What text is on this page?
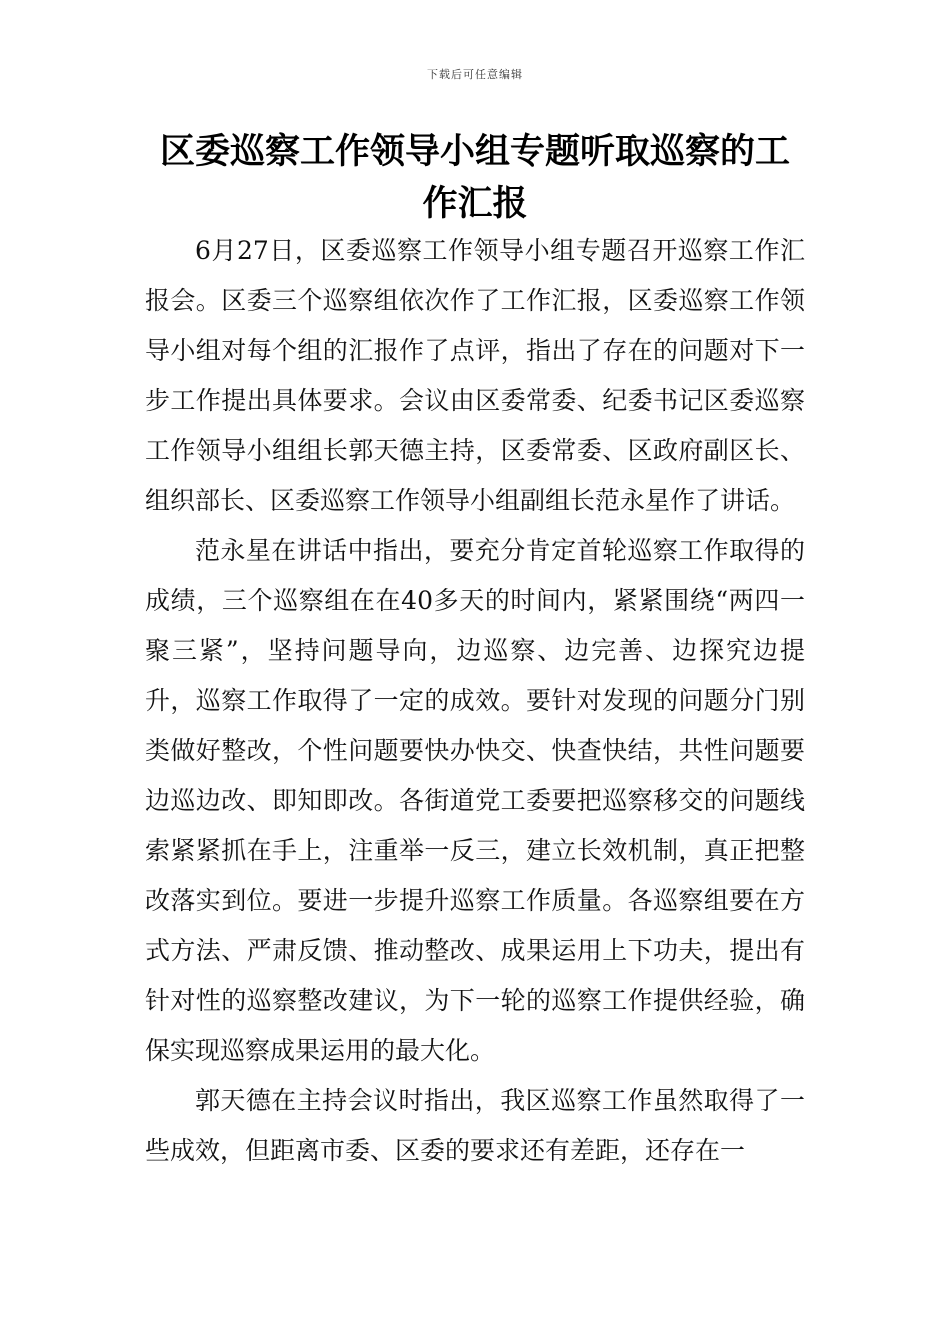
下载后可任意编辑
区委巡察工作领导小组专题听取巡察的工作汇报

6月27日，区委巡察工作领导小组专题召开巡察工作汇报会。区委三个巡察组依次作了工作汇报，区委巡察工作领导小组对每个组的汇报作了点评，指出了存在的问题对下一步工作提出具体要求。会议由区委常委、纪委书记区委巡察工作领导小组组长郭天德主持，区委常委、区政府副区长、组织部长、区委巡察工作领导小组副组长范永星作了讲话。

范永星在讲话中指出，要充分肯定首轮巡察工作取得的成绩，三个巡察组在在40多天的时间内，紧紧围绕“两四一聚三紧”，坚持问题导向，边巡察、边完善、边探究边提升，巡察工作取得了一定的成效。要针对发现的问题分门别类做好整改，个性问题要快办快交、快查快结，共性问题要边巡边改、即知即改。各街道党工委要把巡察移交的问题线索紧紧抓在手上，注重举一反三，建立长效机制，真正把整改落实到位。要进一步提升巡察工作质量。各巡察组要在方式方法、严肃反馈、推动整改、成果运用上下功夫，提出有针对性的巡察整改建议，为下一轮的巡察工作提供经验，确保实现巡察成果运用的最大化。

郭天德在主持会议时指出，我区巡察工作虽然取得了一些成效，但距离市委、区委的要求还有差距，还存在一
